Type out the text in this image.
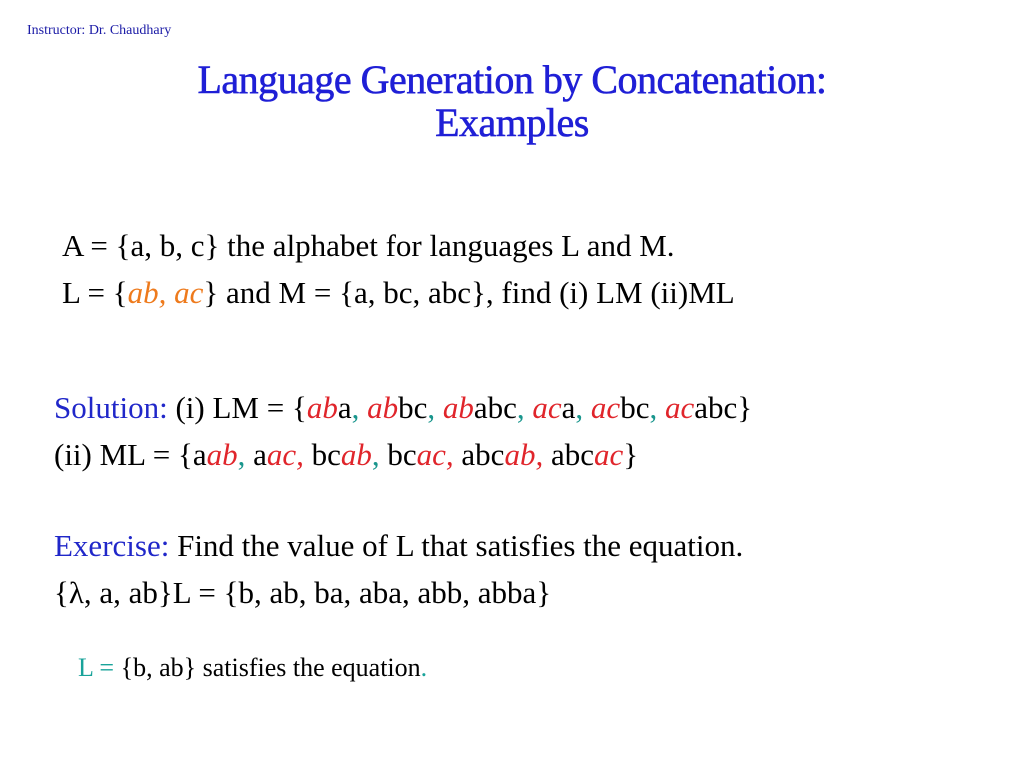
Instructor: Dr. Chaudhary
Language Generation by Concatenation:
Examples
A = {a, b, c} the alphabet for languages L and M.
L = {ab, ac} and M = {a, bc, abc}, find (i) LM (ii)ML
Solution: (i) LM = {aba, abbc, ababc, aca, acbc, acabc}
(ii) ML = {aab, aac, bcab, bcac, abcab, abcac}
Exercise: Find the value of L that satisfies the equation.
{λ, a, ab}L = {b, ab, ba, aba, abb, abba}
L = {b, ab} satisfies the equation.
